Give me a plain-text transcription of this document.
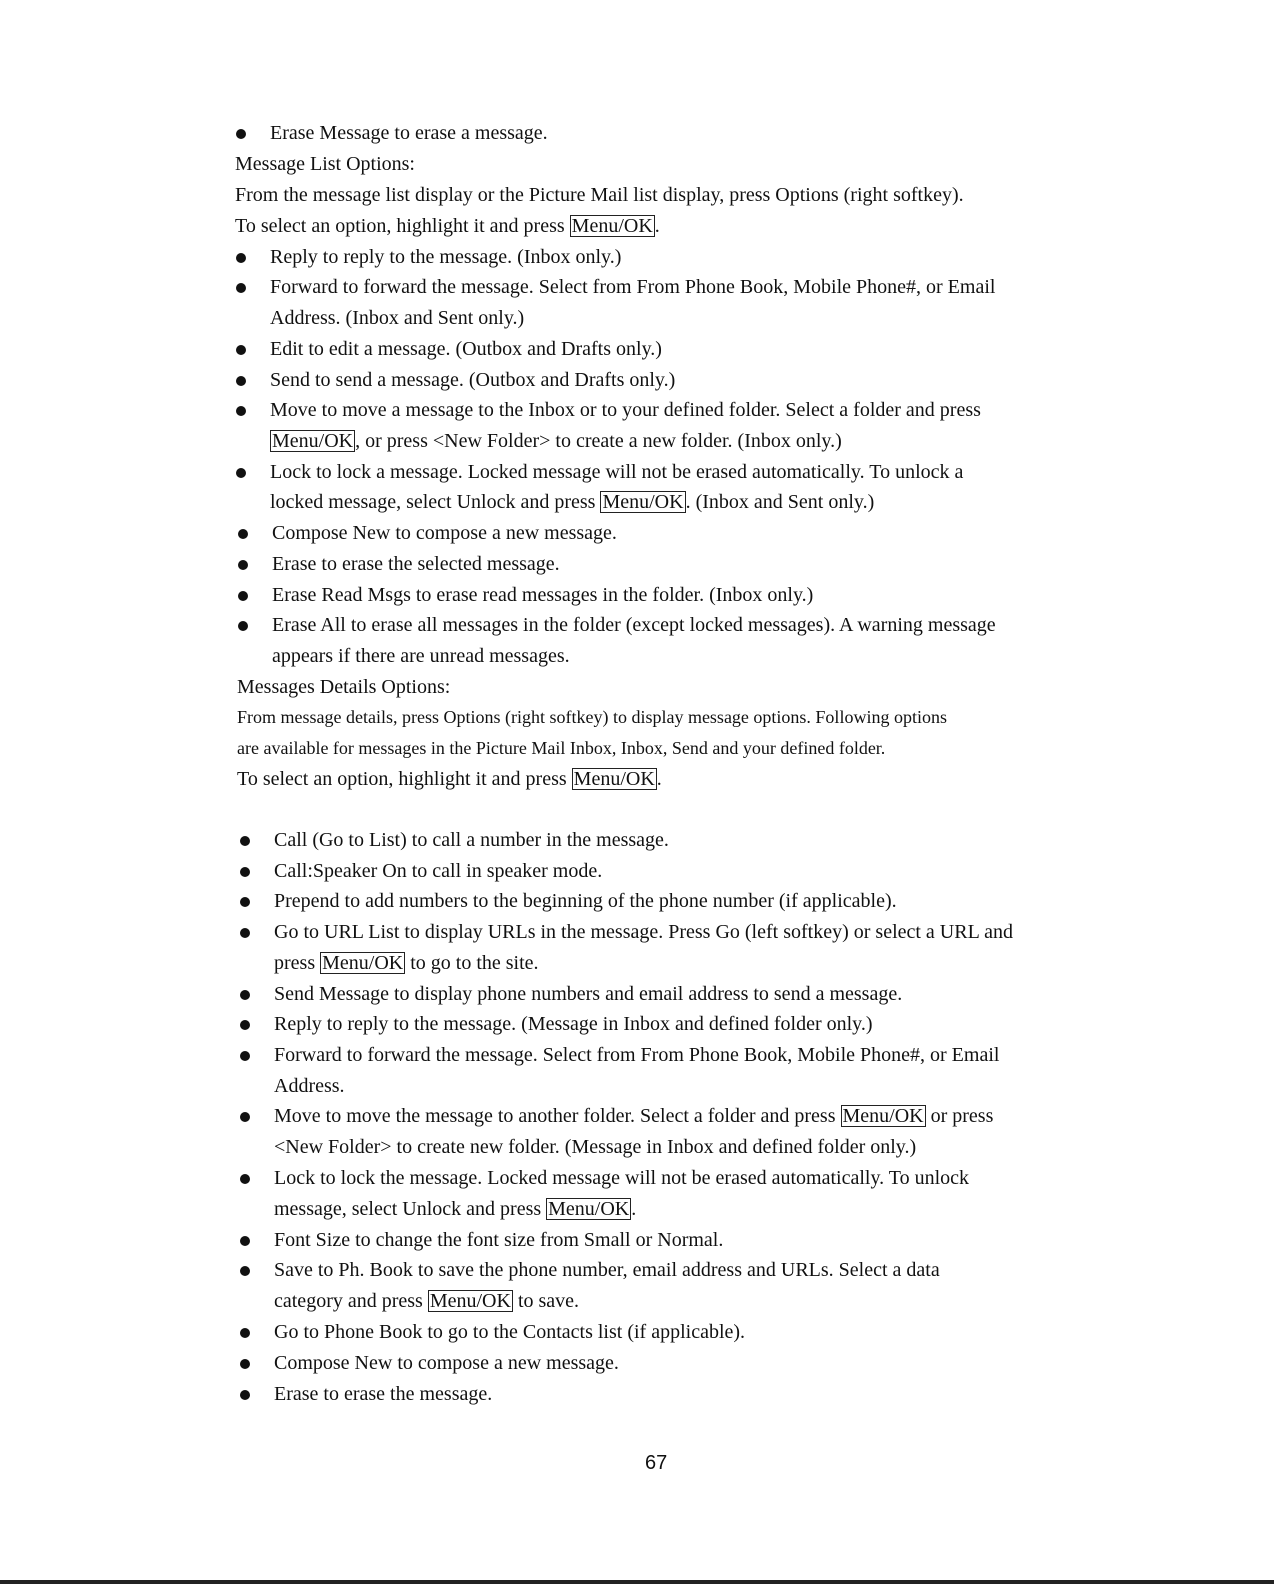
67
Erase Message to erase a message.
Message List Options:
From the message list display or the Picture Mail list display, press Options (right softkey).
To select an option, highlight it and press Menu/OK .
Reply to reply to the message. (Inbox only.)
Forward to forward the message. Select from From Phone Book, Mobile Phone#, or Email
Address. (Inbox and Sent only.)
Edit to edit a message. (Outbox and Drafts only.)
Send to send a message. (Outbox and Drafts only.)
Move to move a message to the Inbox or to your defined folder. Select a folder and press
Menu/OK , or press <New Folder> to create a new folder. (Inbox only.)
Lock to lock a message. Locked message will not be erased automatically. To unlock a
locked message, select Unlock and press Menu/OK . (Inbox and Sent only.)
Compose New to compose a new message.
Erase to erase the selected message.
Erase Read Msgs to erase read messages in the folder. (Inbox only.)
Erase All to erase all messages in the folder (except locked messages). A warning message
appears if there are unread messages.
Messages Details Options:
From message details, press Options (right softkey) to display message options. Following options
are available for messages in the Picture Mail Inbox, Inbox, Send and your defined folder.
To select an option, highlight it and press Menu/OK .
Call (Go to List) to call a number in the message.
Call:Speaker On to call in speaker mode.
Prepend to add numbers to the beginning of the phone number (if applicable).
Go to URL List to display URLs in the message. Press Go (left softkey) or select a URL and
press Menu/OK to go to the site.
Send Message to display phone numbers and email address to send a message.
Reply to reply to the message. (Message in Inbox and defined folder only.)
Forward to forward the message. Select from From Phone Book, Mobile Phone#, or Email
Address.
Move to move the message to another folder. Select a folder and press Menu/OK or press
<New Folder> to create new folder. (Message in Inbox and defined folder only.)
Lock to lock the message. Locked message will not be erased automatically. To unlock
message, select Unlock and press Menu/OK .
Font Size to change the font size from Small or Normal.
Save to Ph. Book to save the phone number, email address and URLs. Select a data
category and press Menu/OK to save.
Go to Phone Book to go to the Contacts list (if applicable).
Compose New to compose a new message.
Erase to erase the message.
